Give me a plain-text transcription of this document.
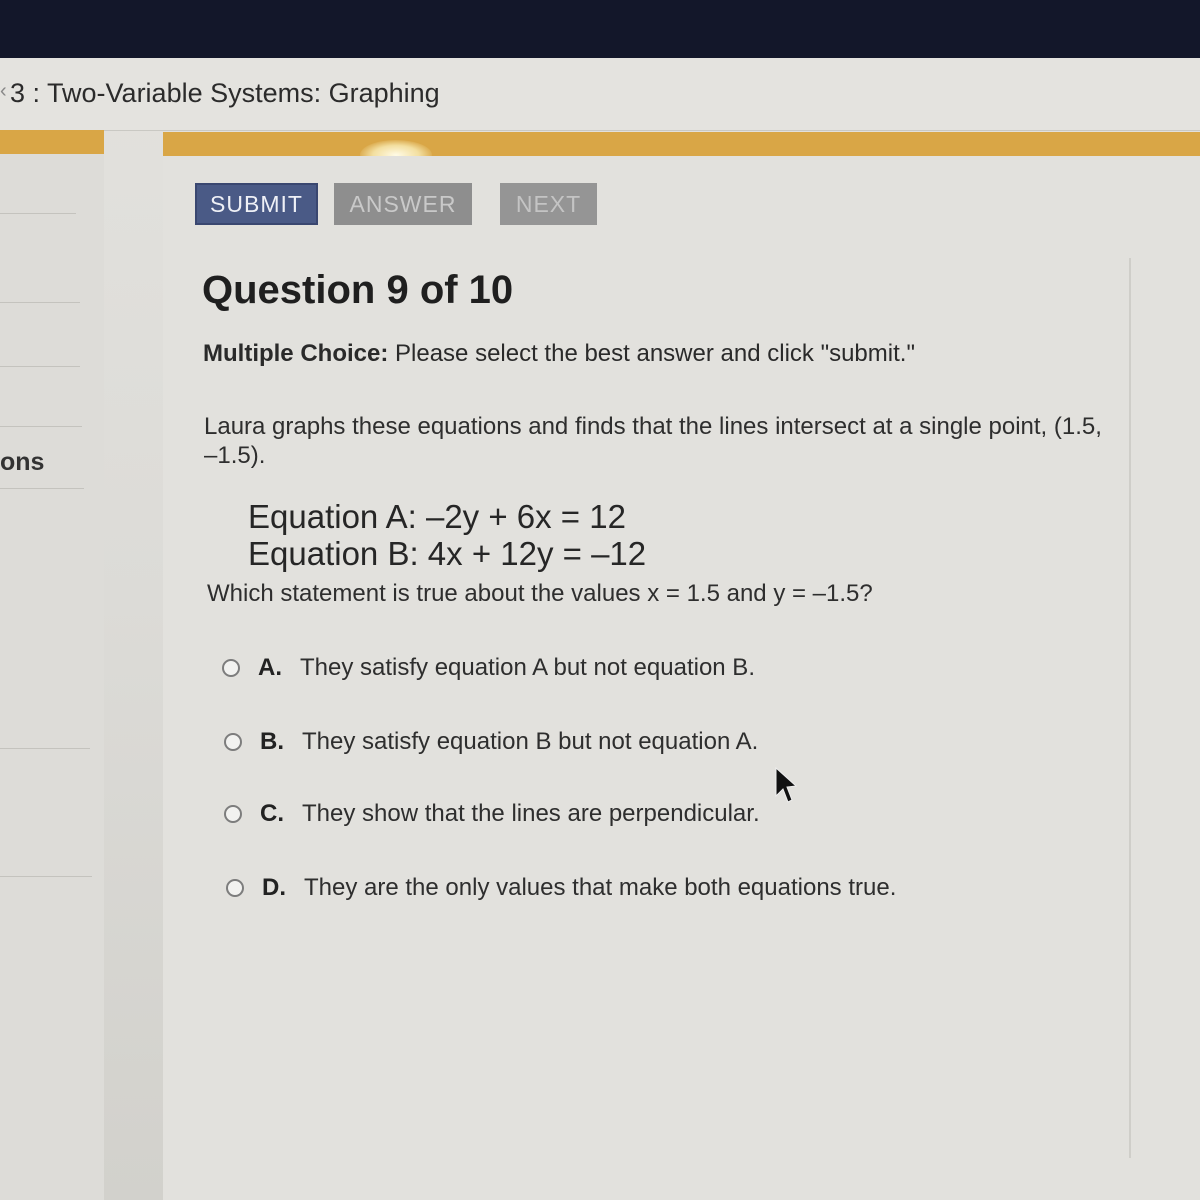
‹ 3 : Two-Variable Systems: Graphing
ons
SUBMIT	ANSWER	NEXT
Question 9 of 10
Multiple Choice: Please select the best answer and click "submit."
Laura graphs these equations and finds that the lines intersect at a single point, (1.5, –1.5).
Equation A: –2y + 6x = 12
Equation B: 4x + 12y = –12
Which statement is true about the values x = 1.5 and y = –1.5?
A. They satisfy equation A but not equation B.
B. They satisfy equation B but not equation A.
C. They show that the lines are perpendicular.
D. They are the only values that make both equations true.
